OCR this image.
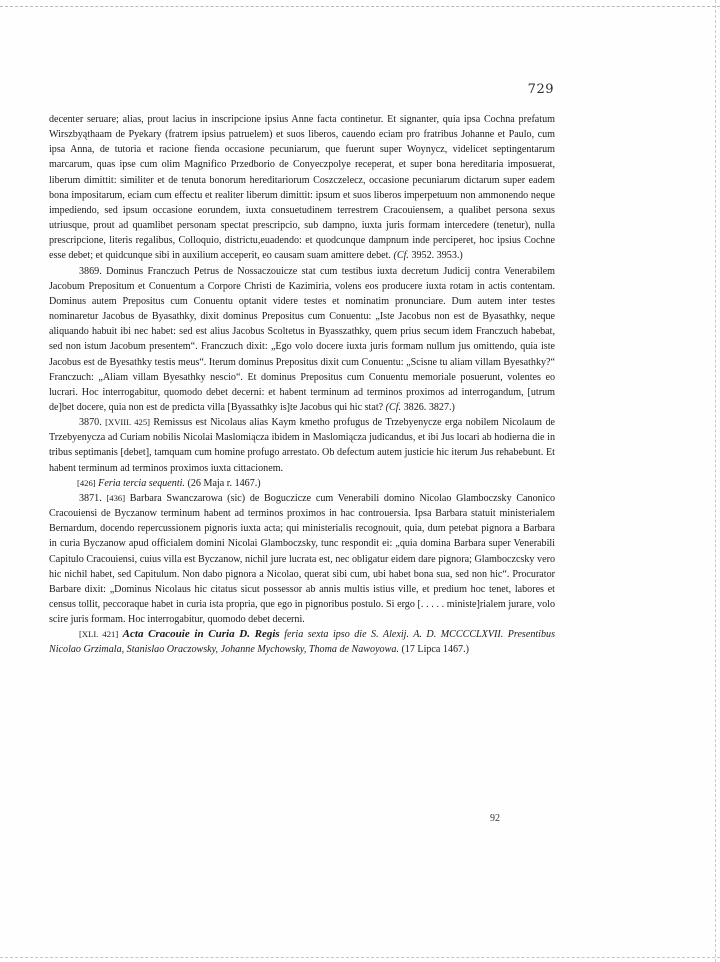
729

decenter seruare; alias, prout lacius in inscripcione ipsius Anne facta continetur. Et signanter, quia ipsa Cochna prefatum Wirszbyąthaam de Pyekary (fratrem ipsius patruelem) et suos liberos, cauendo eciam pro fratribus Johanne et Paulo, cum ipsa Anna, de tutoria et racione fienda occasione pecuniarum, que fuerunt super Woynycz, videlicet septingentarum marcarum, quas ipse cum olim Magnifico Przedborio de Conyeczpolye receperat, et super bona hereditaria imposuerat, liberum dimittit: similiter et de tenuta bonorum hereditariorum Coszczelecz, occasione pecuniarum dictarum super eadem bona impositarum, eciam cum effectu et realiter liberum dimittit: ipsum et suos liberos imperpetuum non ammonendo neque impediendo, sed ipsum occasione eorundem, iuxta consuetudinem terrestrem Cracouiensem, a qualibet persona sexus utriusque, prout ad quamlibet personam spectat prescripcio, sub dampno, iuxta juris formam intercedere (tenetur), nulla prescripcione, literis regalibus, Colloquio, districtu,euadendo: et quodcunque dampnum inde perciperet, hoc ipsius Cochne esse debet; et quidcunque sibi in auxilium acceperit, eo causam suam amittere debet. (Cf. 3952. 3953.)

3869. Dominus Franczuch Petrus de Nossaczouicze stat cum testibus iuxta decretum Judicij contra Venerabilem Jacobum Prepositum et Conuentum a Corpore Christi de Kazimiria, volens eos producere iuxta rotam in actis contentam. Dominus autem Prepositus cum Conuentu optanit videre testes et nominatim pronunciare. Dum autem inter testes nominaretur Jacobus de Byasathky, dixit dominus Prepositus cum Conuentu: „Iste Jacobus non est de Byasathky, neque aliquando habuit ibi nec habet: sed est alius Jacobus Scoltetus in Byasszathky, quem prius secum idem Franczuch habebat, sed non istum Jacobum presentem“. Franczuch dixit: „Ego volo docere iuxta juris formam nullum jus omittendo, quia iste Jacobus est de Byesathky testis meus“. Iterum dominus Prepositus dixit cum Conuentu: „Scisne tu aliam villam Byesathky?“ Franczuch: „Aliam villam Byesathky nescio“. Et dominus Prepositus cum Conuentu memoriale posuerunt, volentes eo lucrari. Hoc interrogabitur, quomodo debet decerni: et habent terminum ad terminos proximos ad interrogandum, [utrum de]bet docere, quia non est de predicta villa [Byassathky is]te Jacobus qui hic stat? (Cf. 3826. 3827.)

3870. [XVIII. 425] Remissus est Nicolaus alias Kaym kmetho profugus de Trzebyenycze erga nobilem Nicolaum de Trzebyenycza ad Curiam nobilis Nicolai Maslomiączа ibidem in Maslomiącza judicandus, et ibi Jus locari ab hodierna die in tribus septimanis [debet], tamquam cum homine profugo arrestato. Ob defectum autem justicie hic iterum Jus rehabebunt. Et habent terminum ad terminos proximos iuxta cittacionem.

[426] Feria tercia sequenti. (26 Maja r. 1467.)

3871. [436] Barbara Swanczarowa (sic) de Boguczicze cum Venerabili domino Nicolao Glamboczsky Canonico Cracouiensi de Byczanow terminum habent ad terminos proximos in hac controuersia. Ipsa Barbara statuit ministerialem Bernardum, docendo repercussionem pignoris iuxta acta; qui ministerialis recognouit, quia, dum petebat pignora a Barbara in curia Byczanow apud officialem domini Nicolai Glamboczsky, tunc respondit ei: „quia domina Barbara super Venerabili Capitulo Cracouiensi, cuius villa est Byczanow, nichil jure lucrata est, nec obligatur eidem dare pignora; Glamboczcsky vero hic nichil habet, sed Capitulum. Non dabo pignora a Nicolao, querat sibi cum, ubi habet bona sua, sed non hic“. Procurator Barbare dixit: „Dominus Nicolaus hic citatus sicut possessor ab annis multis istius ville, et predium hoc tenet, labores et census tollit, peccoraque habet in curia ista propria, que ego in pignoribus postulo. Si ergo [. . . . . ministe]rialem jurare, volo scire juris formam. Hoc interrogabitur, quomodo debet decerni.

[XLI. 421] Acta Cracouie in Curia D. Regis feria sexta ipso die S. Alexij. A. D. MCCCCLXVII. Presentibus Nicolao Grzimala, Stanislao Oraczowsky, Johanne Mychowsky, Thoma de Nawoyowa. (17 Lipca 1467.)

92
